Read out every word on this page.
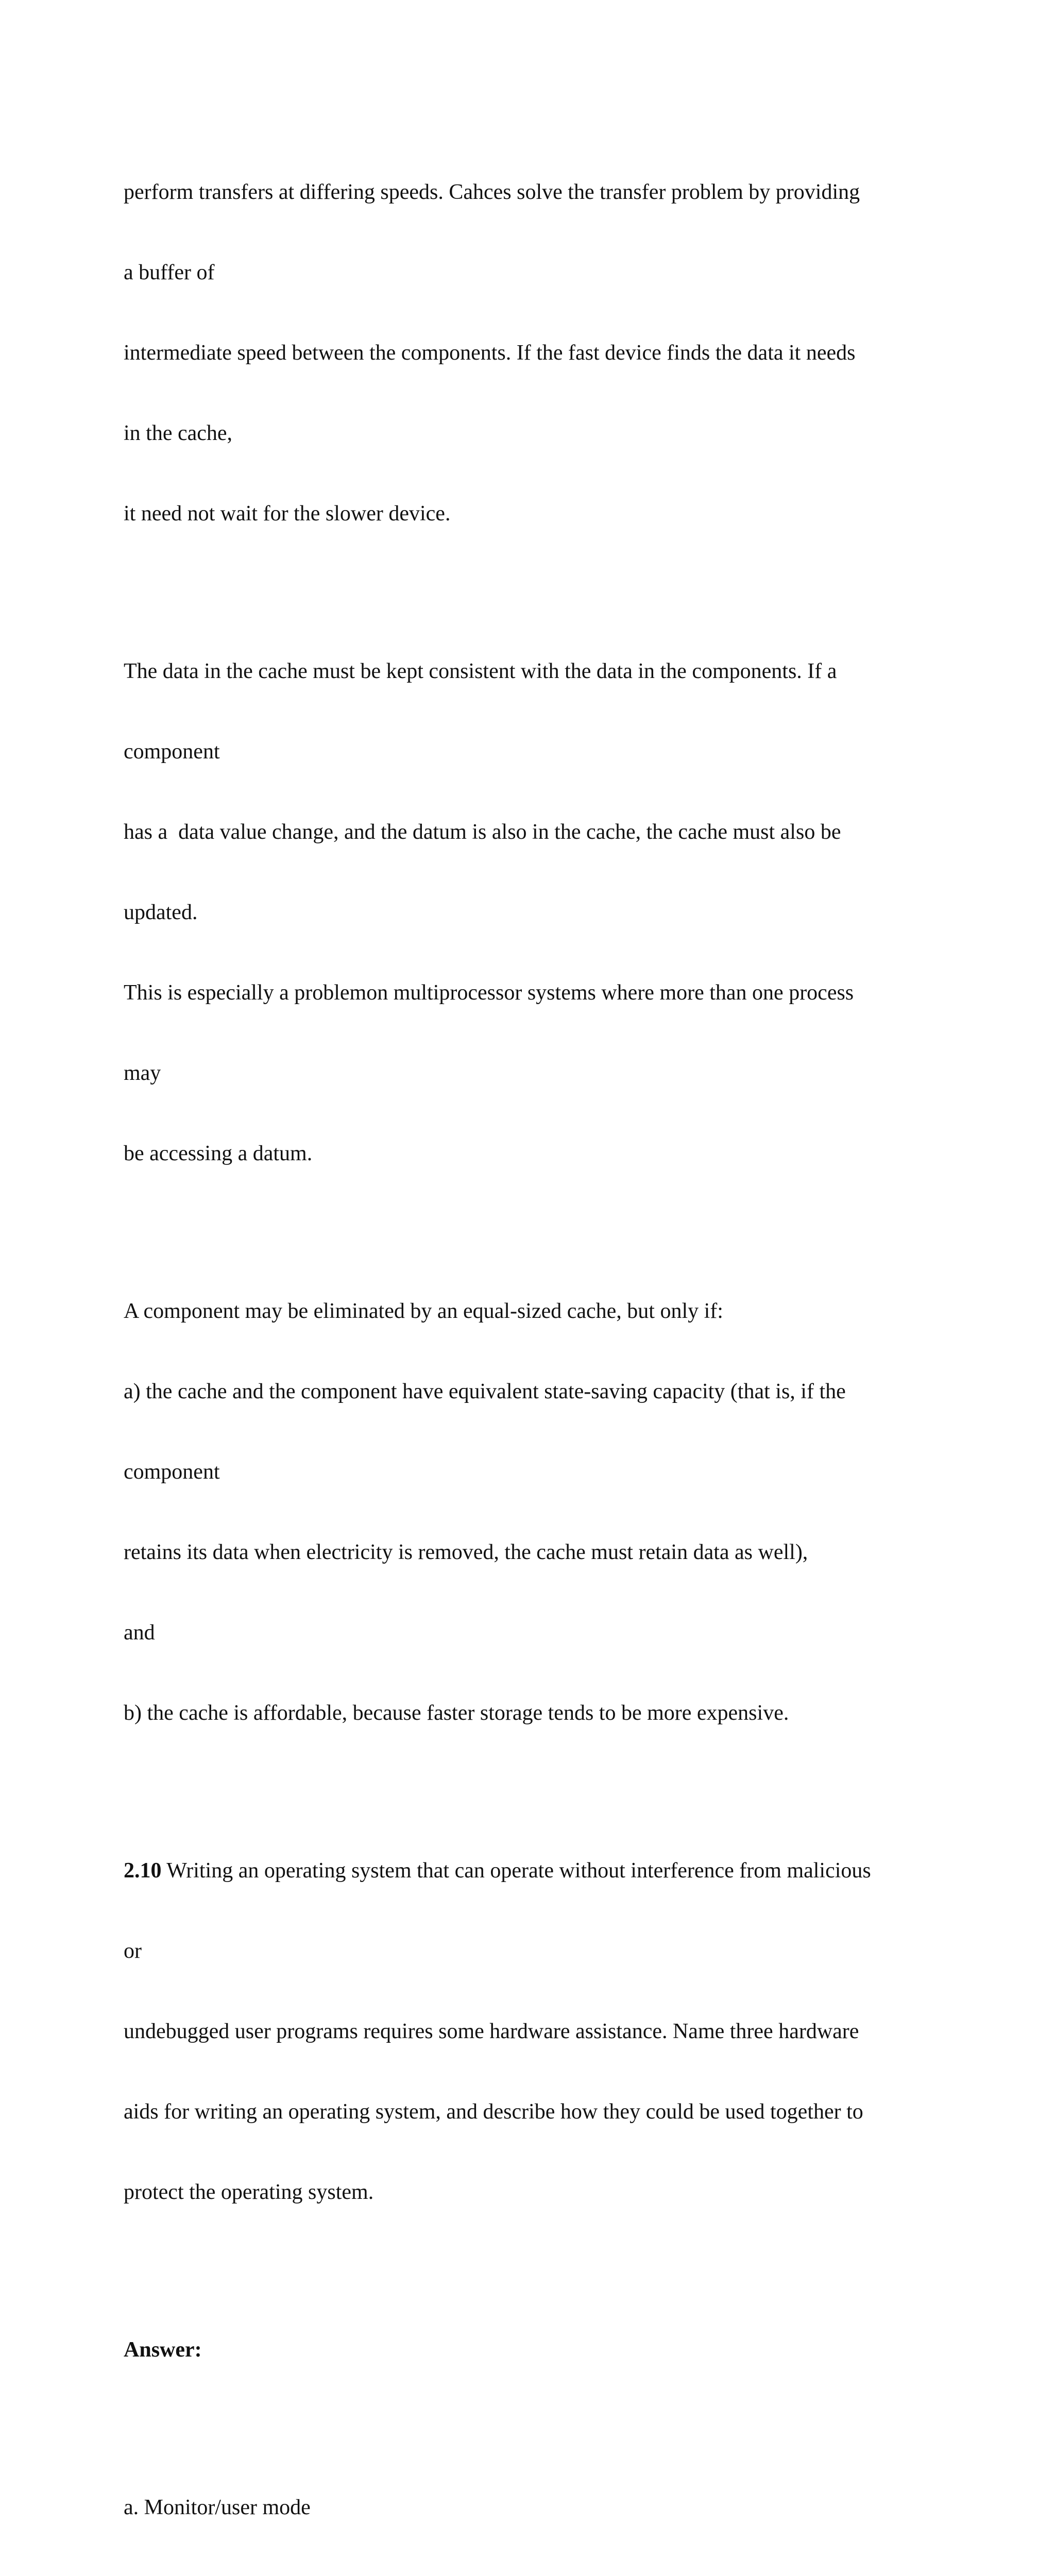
perform transfers at differing speeds. Cahces solve the transfer problem by providing

a buffer of

intermediate speed between the components. If the fast device finds the data it needs

in the cache,

it need not wait for the slower device.

The data in the cache must be kept consistent with the data in the components. If a

component

has a  data value change, and the datum is also in the cache, the cache must also be

updated.

This is especially a problemon multiprocessor systems where more than one process

may

be accessing a datum.

A component may be eliminated by an equal-sized cache, but only if:

a) the cache and the component have equivalent state-saving capacity (that is, if the

component

retains its data when electricity is removed, the cache must retain data as well),

and

b) the cache is affordable, because faster storage tends to be more expensive.

2.10 Writing an operating system that can operate without interference from malicious

or

undebugged user programs requires some hardware assistance. Name three hardware

aids for writing an operating system, and describe how they could be used together to

protect the operating system.

Answer:

a. Monitor/user mode
